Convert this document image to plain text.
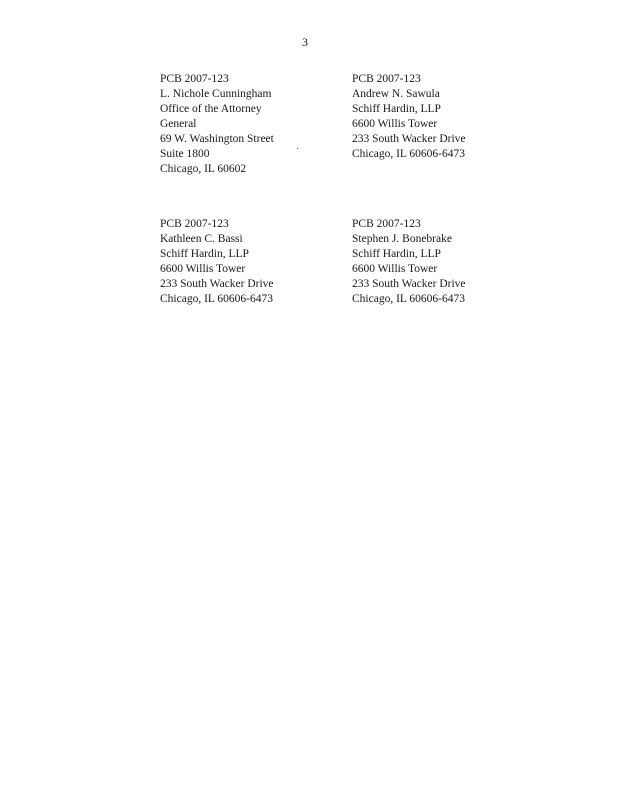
3
PCB 2007-123
L. Nichole Cunningham
Office of the Attorney
General
69 W. Washington Street
Suite 1800
Chicago, IL 60602
PCB 2007-123
Andrew N. Sawula
Schiff Hardin, LLP
6600 Willis Tower
233 South Wacker Drive
Chicago, IL 60606-6473
PCB 2007-123
Kathleen C. Bassi
Schiff Hardin, LLP
6600 Willis Tower
233 South Wacker Drive
Chicago, IL 60606-6473
PCB 2007-123
Stephen J. Bonebrake
Schiff Hardin, LLP
6600 Willis Tower
233 South Wacker Drive
Chicago, IL 60606-6473
